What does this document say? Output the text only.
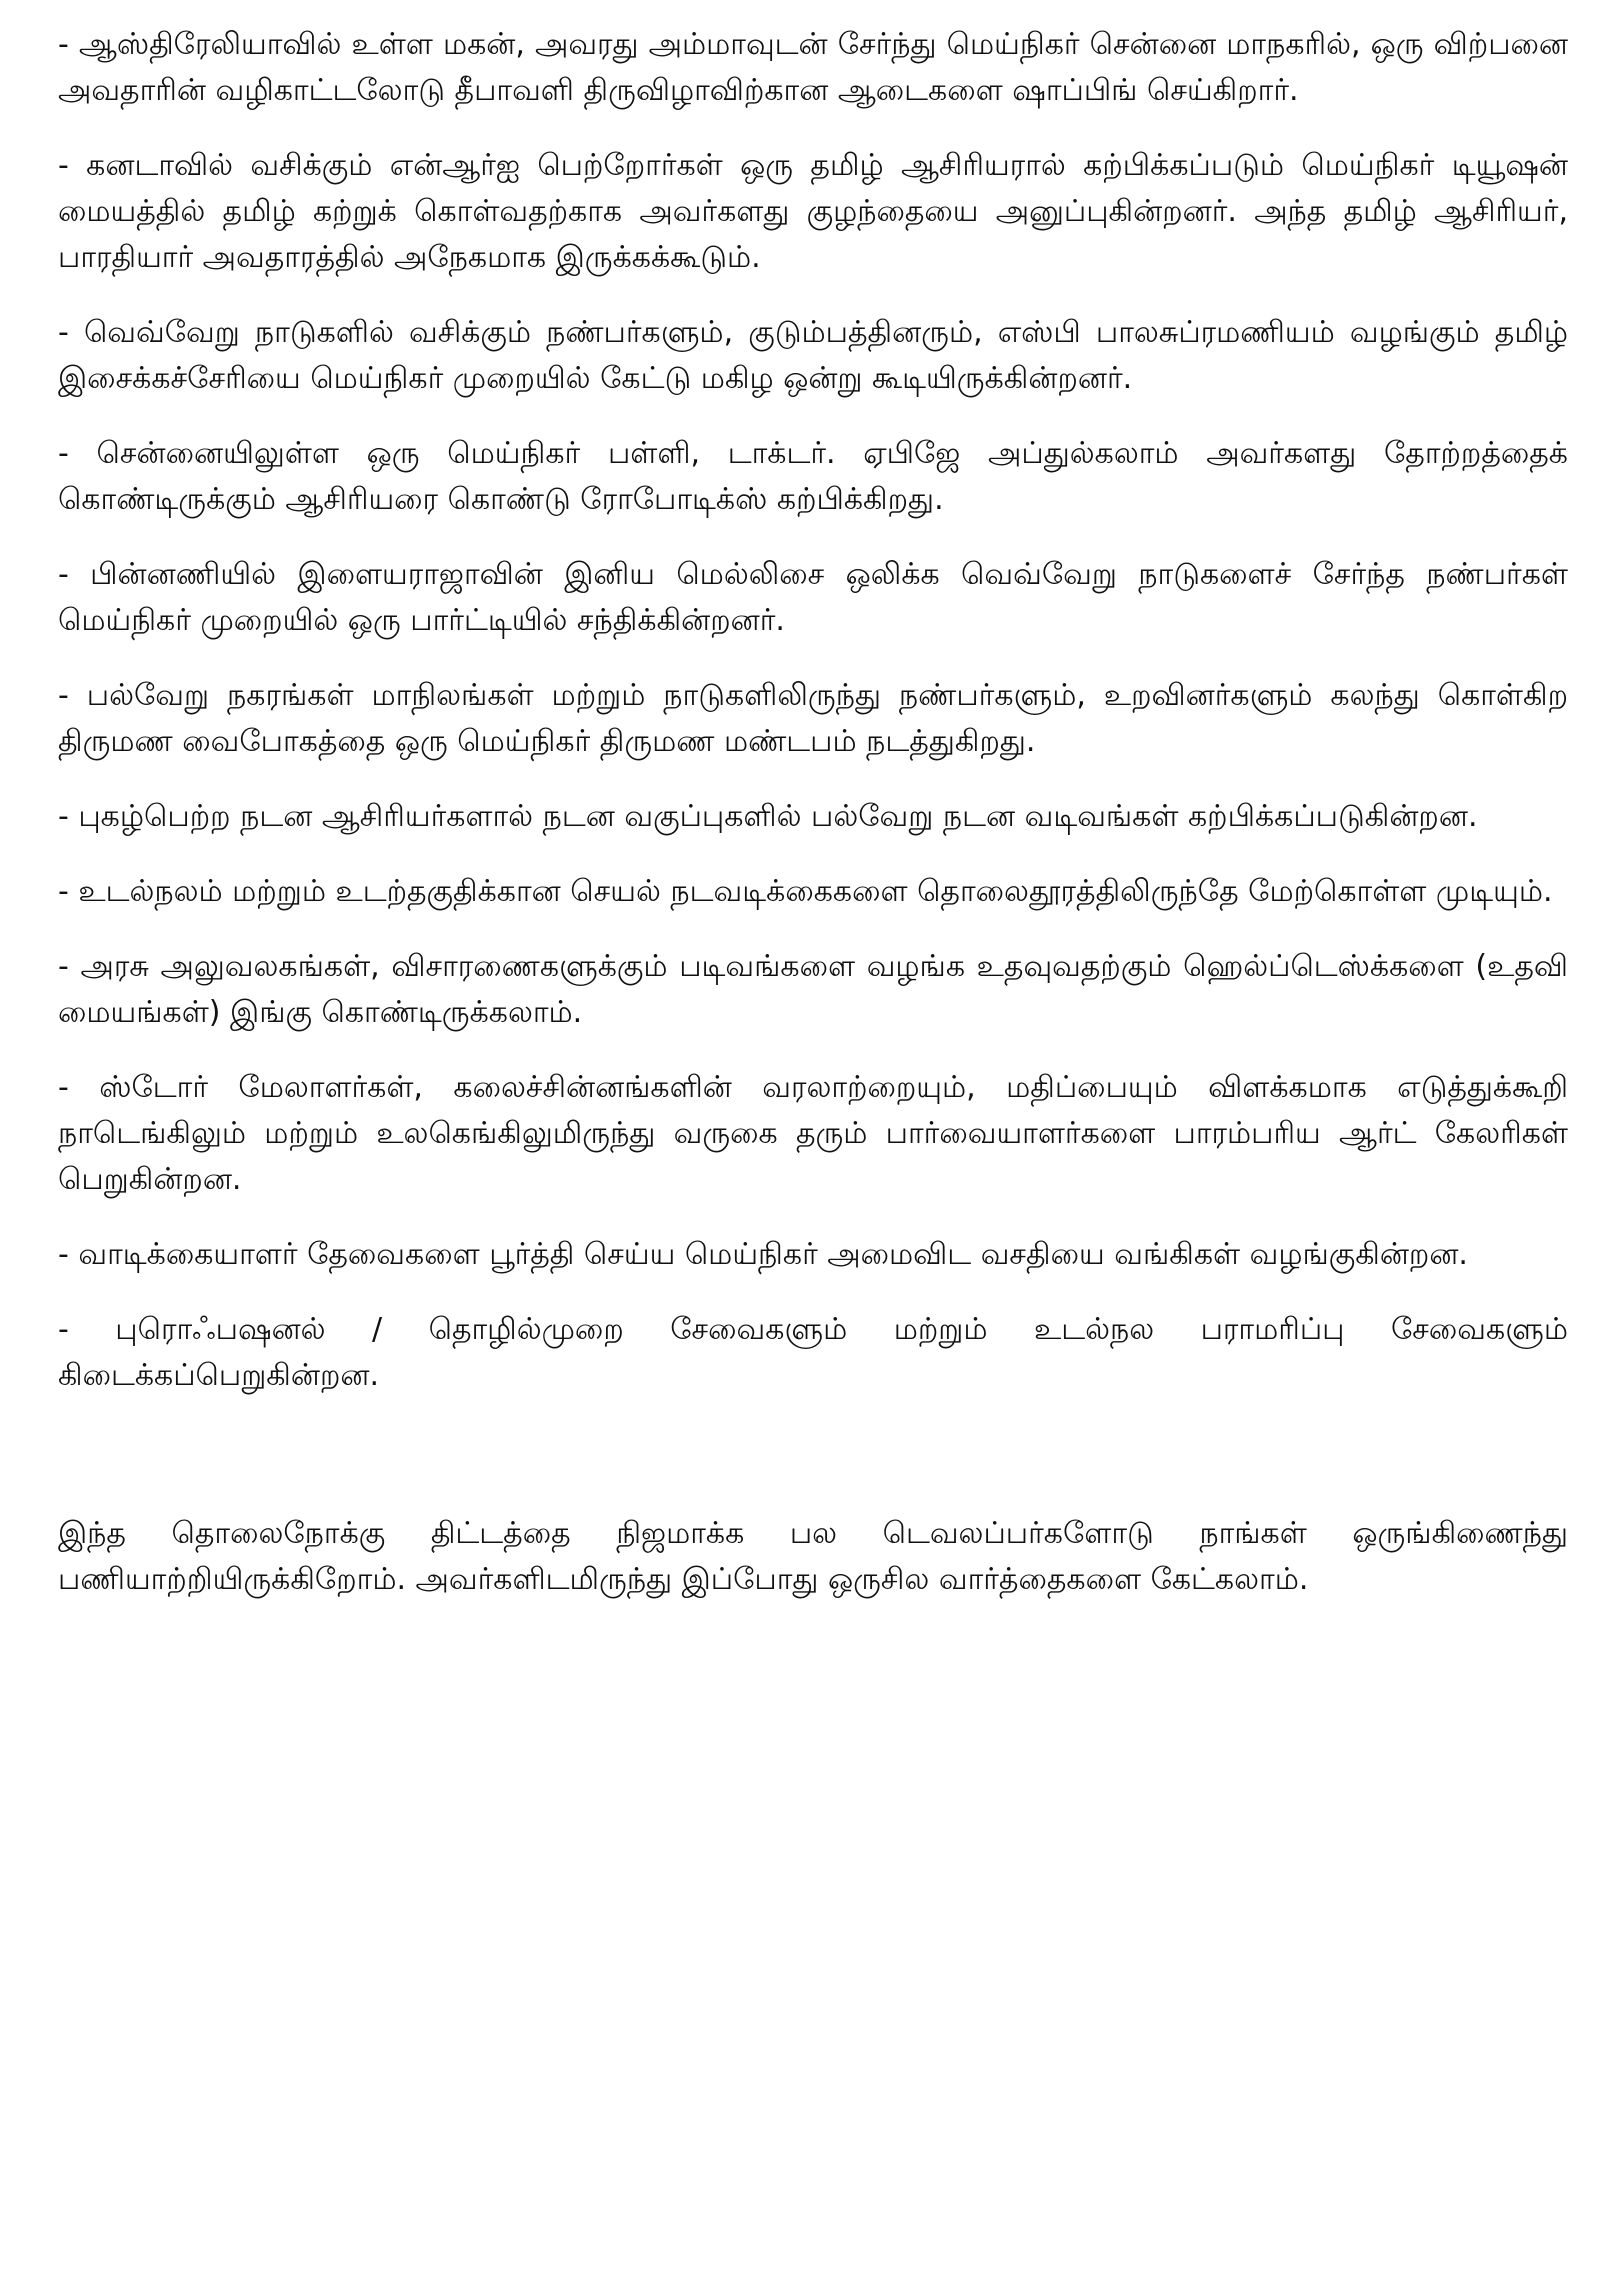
- ஆஸ்திரேலியாவில் உள்ள மகன், அவரது அம்மாவுடன் சேர்ந்து மெய்நிகர் சென்னை மாநகரில், ஒரு விற்பனை அவதாரின் வழிகாட்டலோடு தீபாவளி திருவிழாவிற்கான ஆடைகளை ஷாப்பிங் செய்கிறார்.

- கனடாவில் வசிக்கும் என்ஆர்ஐ பெற்றோர்கள் ஒரு தமிழ் ஆசிரியரால் கற்பிக்கப்படும் மெய்நிகர் டியூஷன் மையத்தில் தமிழ் கற்றுக் கொள்வதற்காக அவர்களது குழந்தையை அனுப்புகின்றனர். அந்த தமிழ் ஆசிரியர், பாரதியார் அவதாரத்தில் அநேகமாக இருக்கக்கூடும்.

- வெவ்வேறு நாடுகளில் வசிக்கும் நண்பர்களும், குடும்பத்தினரும், எஸ்பி பாலசுப்ரமணியம் வழங்கும் தமிழ் இசைக்கச்சேரியை மெய்நிகர் முறையில் கேட்டு மகிழ ஒன்று கூடியிருக்கின்றனர்.

- சென்னையிலுள்ள ஒரு மெய்நிகர் பள்ளி, டாக்டர். ஏபிஜே அப்துல்கலாம் அவர்களது தோற்றத்தைக் கொண்டிருக்கும் ஆசிரியரை கொண்டு ரோபோடிக்ஸ் கற்பிக்கிறது.

- பின்னணியில் இளையராஜாவின் இனிய மெல்லிசை ஒலிக்க வெவ்வேறு நாடுகளைச் சேர்ந்த நண்பர்கள் மெய்நிகர் முறையில் ஒரு பார்ட்டியில் சந்திக்கின்றனர்.

- பல்வேறு நகரங்கள் மாநிலங்கள் மற்றும் நாடுகளிலிருந்து நண்பர்களும், உறவினர்களும் கலந்து கொள்கிற திருமண வைபோகத்தை ஒரு மெய்நிகர் திருமண மண்டபம் நடத்துகிறது.

- புகழ்பெற்ற நடன ஆசிரியர்களால் நடன வகுப்புகளில் பல்வேறு நடன வடிவங்கள் கற்பிக்கப்படுகின்றன.

- உடல்நலம் மற்றும் உடற்தகுதிக்கான செயல் நடவடிக்கைகளை தொலைதூரத்திலிருந்தே மேற்கொள்ள முடியும்.

- அரசு அலுவலகங்கள், விசாரணைகளுக்கும் படிவங்களை வழங்க உதவுவதற்கும் ஹெல்ப்டெஸ்க்களை (உதவி மையங்கள்) இங்கு கொண்டிருக்கலாம்.

- ஸ்டோர் மேலாளர்கள், கலைச்சின்னங்களின் வரலாற்றையும், மதிப்பையும் விளக்கமாக எடுத்துக்கூறி நாடெங்கிலும் மற்றும் உலகெங்கிலுமிருந்து வருகை தரும் பார்வையாளர்களை பாரம்பரிய ஆர்ட் கேலரிகள் பெறுகின்றன.

- வாடிக்கையாளர் தேவைகளை பூர்த்தி செய்ய மெய்நிகர் அமைவிட வசதியை வங்கிகள் வழங்குகின்றன.

- புரொஃபஷனல் / தொழில்முறை சேவைகளும் மற்றும் உடல்நல பராமரிப்பு சேவைகளும் கிடைக்கப்பெறுகின்றன.

இந்த தொலைநோக்கு திட்டத்தை நிஜமாக்க பல டெவலப்பர்களோடு நாங்கள் ஒருங்கிணைந்து பணியாற்றியிருக்கிறோம். அவர்களிடமிருந்து இப்போது ஒருசில வார்த்தைகளை கேட்கலாம்.
